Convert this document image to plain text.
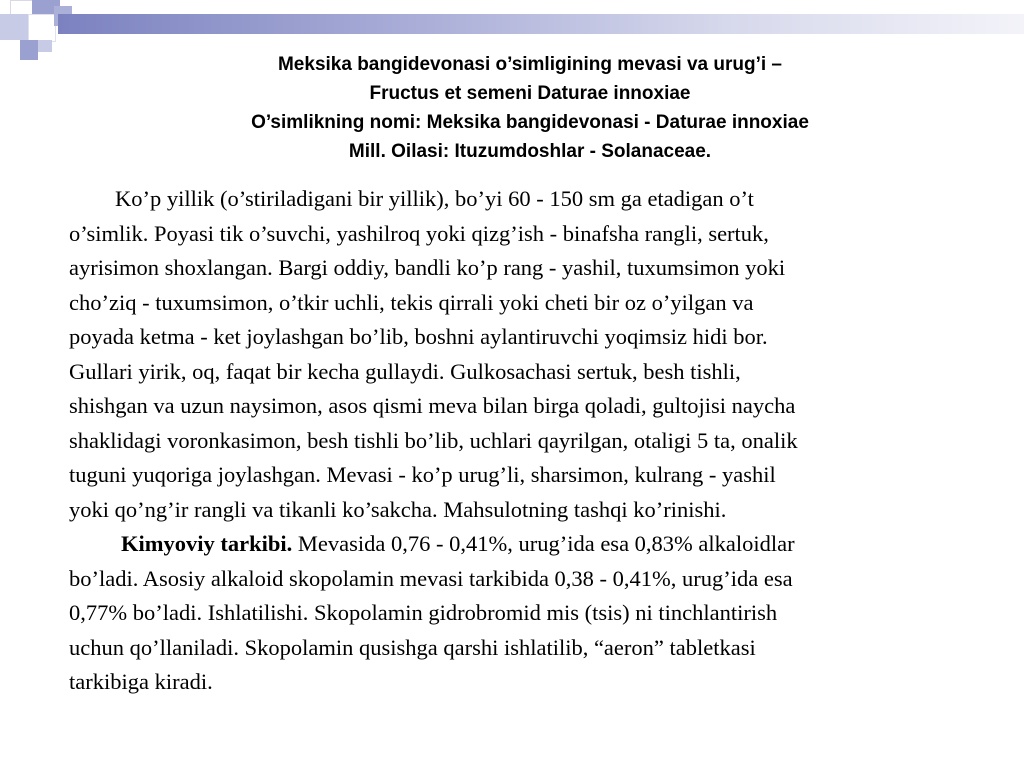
Meksika bangidevonasi o’simligining mevasi va urug’i –
Fructus et semeni Daturae innoxiae
O’simlikning nomi: Meksika bangidevonasi - Daturae innoxiae
Mill. Oilasi: Ituzumdoshlar - Solanaceae.

Ko’p yillik (o’stiriladigani bir yillik), bo’yi 60 - 150 sm ga etadigan o’t

o’simlik. Poyasi tik o’suvchi, yashilroq yoki qizg’ish - binafsha rangli, sertuk,

ayrisimon shoxlangan. Bargi oddiy, bandli ko’p rang - yashil, tuxumsimon yoki

cho’ziq - tuxumsimon, o’tkir uchli, tekis qirrali yoki cheti bir oz o’yilgan va

poyada ketma - ket joylashgan bo’lib, boshni aylantiruvchi yoqimsiz hidi bor.

Gullari yirik, oq, faqat bir kecha gullaydi. Gulkosachasi sertuk, besh tishli,

shishgan va uzun naysimon, asos qismi meva bilan birga qoladi, gultojisi naycha

shaklidagi voronkasimon, besh tishli bo’lib, uchlari qayrilgan, otaligi 5 ta, onalik

tuguni yuqoriga joylashgan. Mevasi - ko’p urug’li, sharsimon, kulrang - yashil

yoki qo’ng’ir rangli va tikanli ko’sakcha. Mahsulotning tashqi ko’rinishi.

Kimyoviy tarkibi. Mevasida 0,76 - 0,41%, urug’ida esa 0,83% alkaloidlar

bo’ladi. Asosiy alkaloid skopolamin mevasi tarkibida 0,38 - 0,41%, urug’ida esa

0,77% bo’ladi. Ishlatilishi. Skopolamin gidrobromid mis (tsis) ni tinchlantirish

uchun qo’llaniladi. Skopolamin qusishga qarshi ishlatilib, “aeron” tabletkasi

tarkibiga kiradi.
